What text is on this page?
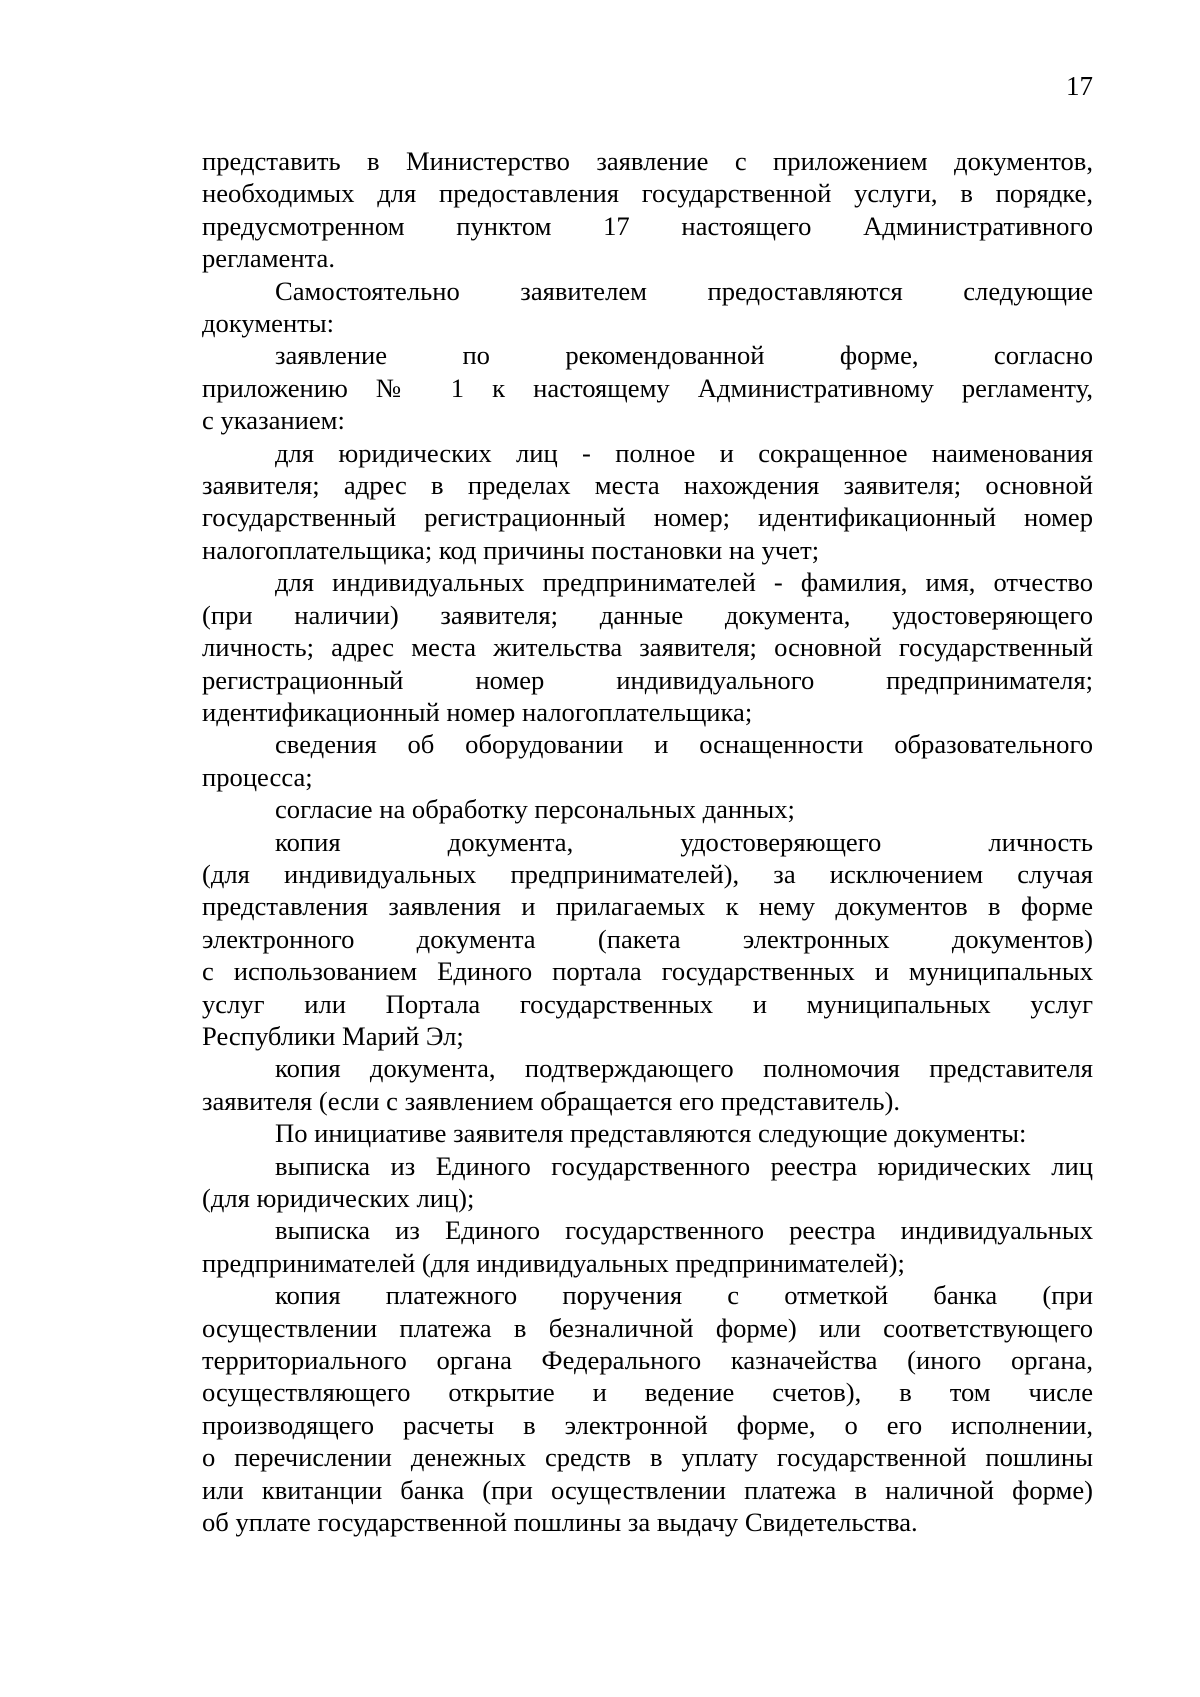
17

представить в Министерство заявление с приложением документов,
необходимых для предоставления государственной услуги, в порядке,
предусмотренном пунктом 17 настоящего Административного
регламента.

Самостоятельно заявителем предоставляются следующие
документы:

заявление по рекомендованной форме, согласно
приложению № 1 к настоящему Административному регламенту,
с указанием:

для юридических лиц - полное и сокращенное наименования
заявителя; адрес в пределах места нахождения заявителя; основной
государственный регистрационный номер; идентификационный номер
налогоплательщика; код причины постановки на учет;

для индивидуальных предпринимателей - фамилия, имя, отчество
(при наличии) заявителя; данные документа, удостоверяющего
личность; адрес места жительства заявителя; основной государственный
регистрационный номер индивидуального предпринимателя;
идентификационный номер налогоплательщика;

сведения об оборудовании и оснащенности образовательного
процесса;

согласие на обработку персональных данных;

копия документа, удостоверяющего личность
(для индивидуальных предпринимателей), за исключением случая
представления заявления и прилагаемых к нему документов в форме
электронного документа (пакета электронных документов)
с использованием Единого портала государственных и муниципальных
услуг или Портала государственных и муниципальных услуг
Республики Марий Эл;

копия документа, подтверждающего полномочия представителя
заявителя (если с заявлением обращается его представитель).

По инициативе заявителя представляются следующие документы:

выписка из Единого государственного реестра юридических лиц
(для юридических лиц);

выписка из Единого государственного реестра индивидуальных
предпринимателей (для индивидуальных предпринимателей);

копия платежного поручения с отметкой банка (при
осуществлении платежа в безналичной форме) или соответствующего
территориального органа Федерального казначейства (иного органа,
осуществляющего открытие и ведение счетов), в том числе
производящего расчеты в электронной форме, о его исполнении,
о перечислении денежных средств в уплату государственной пошлины
или квитанции банка (при осуществлении платежа в наличной форме)
об уплате государственной пошлины за выдачу Свидетельства.
